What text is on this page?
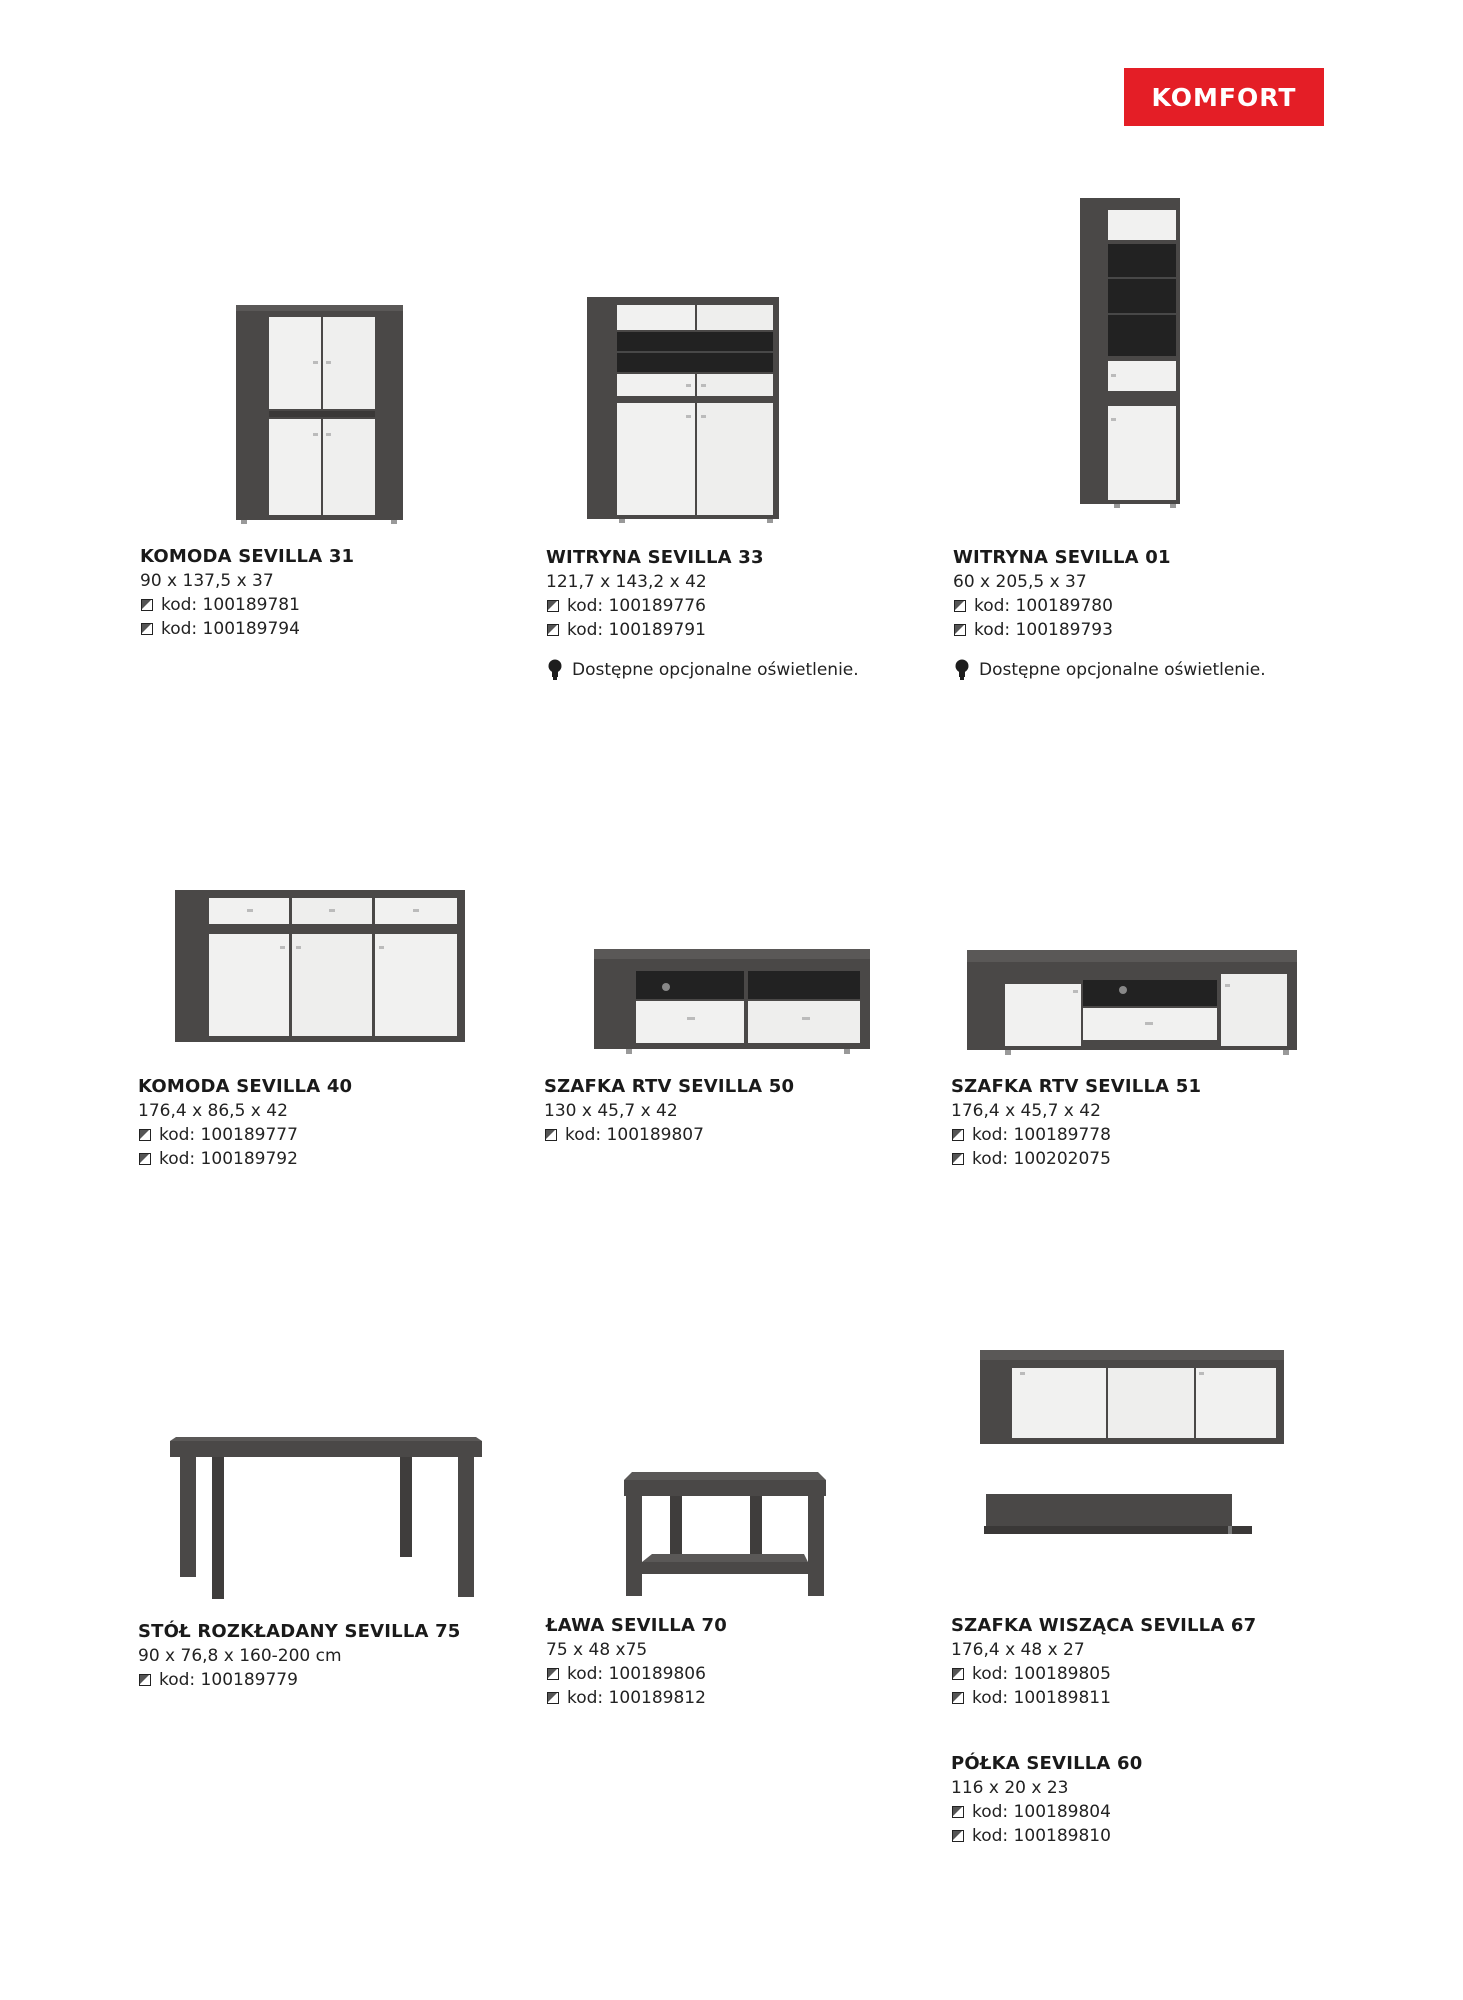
KOMFORT
KOMODA SEVILLA 31
90 x 137,5 x 37
kod: 100189781
kod: 100189794
WITRYNA SEVILLA 33
121,7 x 143,2 x 42
kod: 100189776
kod: 100189791
Dostępne opcjonalne oświetlenie.
WITRYNA SEVILLA 01
60 x 205,5 x 37
kod: 100189780
kod: 100189793
Dostępne opcjonalne oświetlenie.
KOMODA SEVILLA 40
176,4 x 86,5 x 42
kod: 100189777
kod: 100189792
SZAFKA RTV SEVILLA 50
130 x 45,7 x 42
kod: 100189807
SZAFKA RTV SEVILLA 51
176,4 x 45,7 x 42
kod: 100189778
kod: 100202075
STÓŁ ROZKŁADANY SEVILLA 75
90 x 76,8 x 160-200 cm
kod: 100189779
ŁAWA SEVILLA 70
75 x 48 x75
kod: 100189806
kod: 100189812
SZAFKA WISZĄCA SEVILLA 67
176,4 x 48 x 27
kod: 100189805
kod: 100189811
PÓŁKA SEVILLA 60
116 x 20 x 23
kod: 100189804
kod: 100189810
